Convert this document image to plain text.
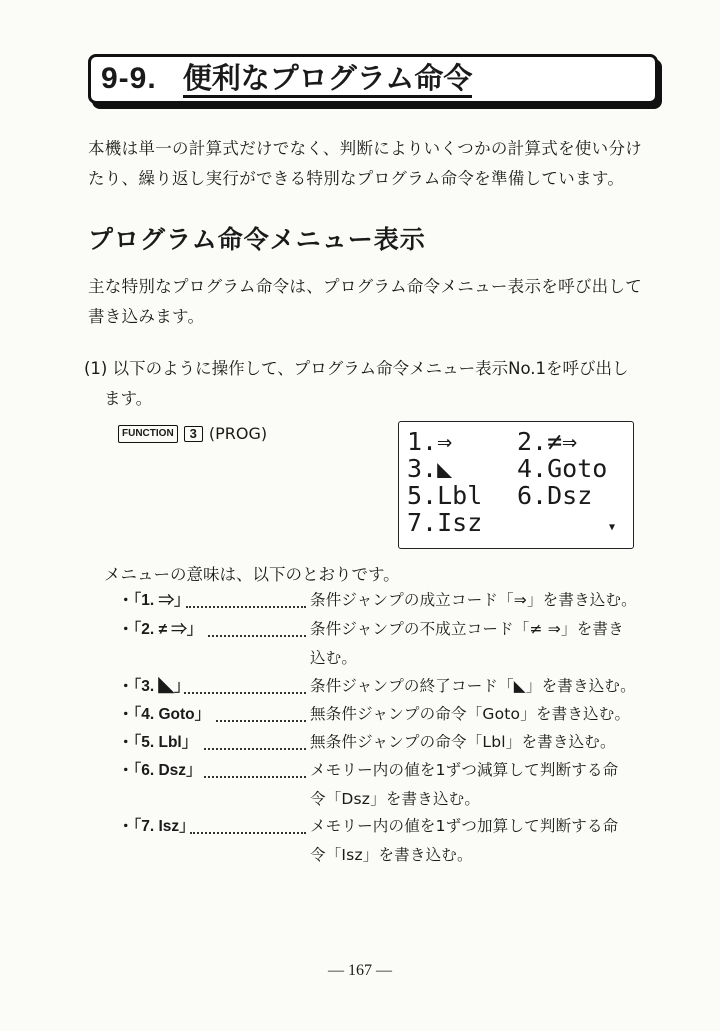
9-9. 便利なプログラム命令
本機は単一の計算式だけでなく、判断によりいくつかの計算式を使い分け
たり、繰り返し実行ができる特別なプログラム命令を準備しています。
プログラム命令メニュー表示
主な特別なプログラム命令は、プログラム命令メニュー表示を呼び出して
書き込みます。
(1) 以下のように操作して、プログラム命令メニュー表示No.1を呼び出し
ます。
FUNCTION	3 (PROG)	1.⇒	2.≠⇒
3.◣	4.Goto
5.Lbl 6.Dsz
7.Isz	▼
メニューの意味は、以下のとおりです。
・「1. ⇒」	条件ジャンプの成立コード「⇒」を書き込む。
・「2. ≠ ⇒」	条件ジャンプの不成立コード「≠ ⇒」を書き
込む。
・「3. ◣」	条件ジャンプの終了コード「◣」を書き込む。
・「4. Goto」	無条件ジャンプの命令「Goto」を書き込む。
・「5. Lbl」	無条件ジャンプの命令「Lbl」を書き込む。
・「6. Dsz」	メモリー内の値を1ずつ減算して判断する命
令「Dsz」を書き込む。
・「7. Isz」	メモリー内の値を1ずつ加算して判断する命
令「Isz」を書き込む。
— 167 —
